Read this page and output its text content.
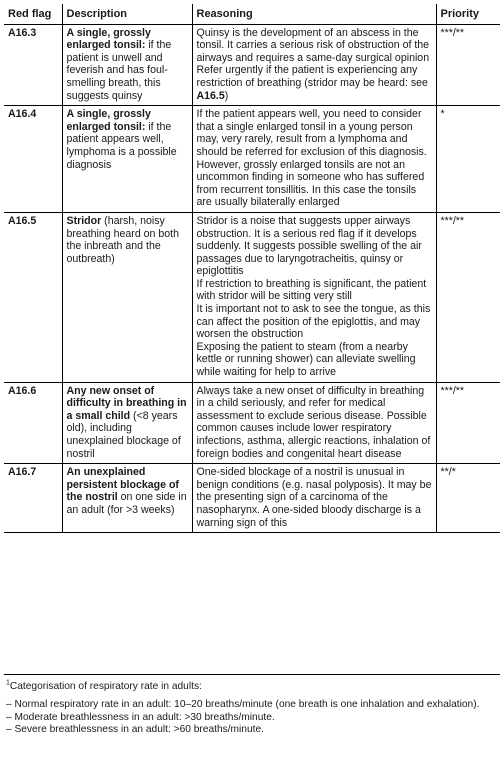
Red flag	Description	Reasoning	Priority
A16.3	A single, grossly enlarged tonsil: if the patient is unwell and feverish and has foul-smelling breath, this suggests quinsy	Quinsy is the development of an abscess in the tonsil. It carries a serious risk of obstruction of the airways and requires a same-day surgical opinion
Refer urgently if the patient is experiencing any restriction of breathing (stridor may be heard: see A16.5)	***/**
A16.4	A single, grossly enlarged tonsil: if the patient appears well, lymphoma is a possible diagnosis	If the patient appears well, you need to consider that a single enlarged tonsil in a young person may, very rarely, result from a lymphoma and should be referred for exclusion of this diagnosis. However, grossly enlarged tonsils are not an uncommon finding in someone who has suffered from recurrent tonsillitis. In this case the tonsils are usually bilaterally enlarged	*
A16.5	Stridor (harsh, noisy breathing heard on both the inbreath and the outbreath)	Stridor is a noise that suggests upper airways obstruction. It is a serious red flag if it develops suddenly. It suggests possible swelling of the air passages due to laryngotracheitis, quinsy or epiglottitis
If restriction to breathing is significant, the patient with stridor will be sitting very still
It is important not to ask to see the tongue, as this can affect the position of the epiglottis, and may worsen the obstruction
Exposing the patient to steam (from a nearby kettle or running shower) can alleviate swelling while waiting for help to arrive	***/**
A16.6	Any new onset of difficulty in breathing in a small child (<8 years old), including unexplained blockage of nostril	Always take a new onset of difficulty in breathing in a child seriously, and refer for medical assessment to exclude serious disease. Possible common causes include lower respiratory infections, asthma, allergic reactions, inhalation of foreign bodies and congenital heart disease	***/**
A16.7	An unexplained persistent blockage of the nostril on one side in an adult (for >3 weeks)	One-sided blockage of a nostril is unusual in benign conditions (e.g. nasal polyposis). It may be the presenting sign of a carcinoma of the nasopharynx. A one-sided bloody discharge is a warning sign of this	**/*
$^1$Categorisation of respiratory rate in adults:
– Normal respiratory rate in an adult: 10–20 breaths/minute (one breath is one inhalation and exhalation).
– Moderate breathlessness in an adult: >30 breaths/minute.
– Severe breathlessness in an adult: >60 breaths/minute.
